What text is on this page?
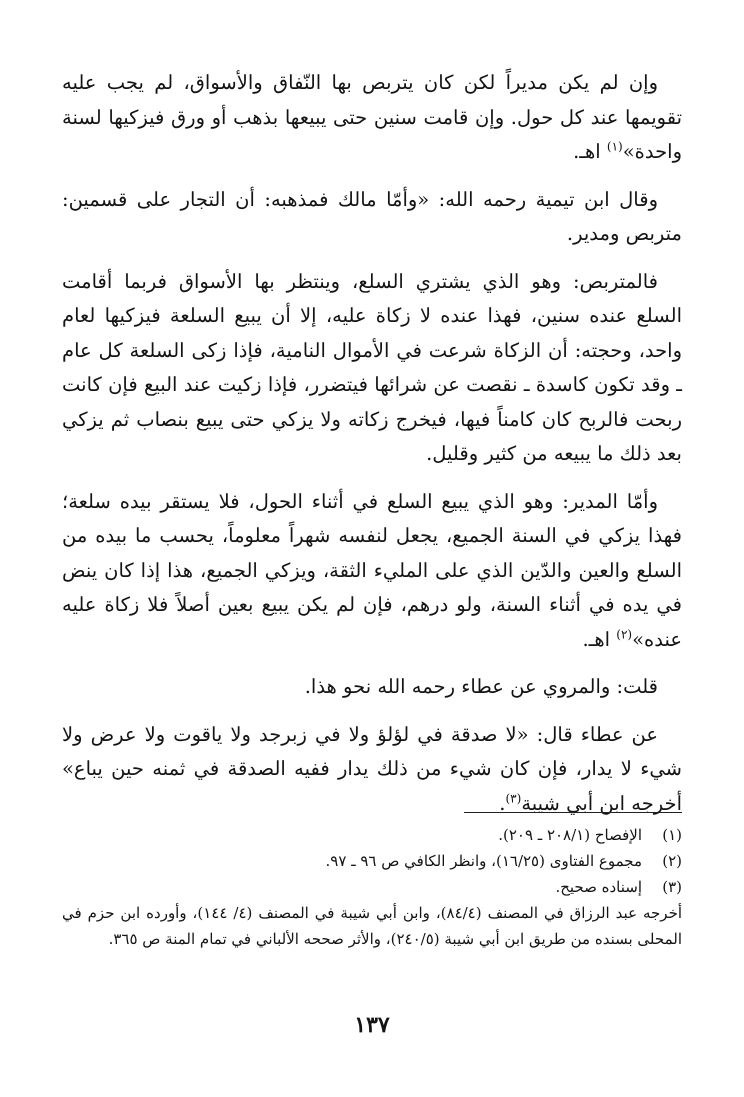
وإن لم يكن مديراً لكن كان يتربص بها النّفاق والأسواق، لم يجب عليه تقويمها عند كل حول. وإن قامت سنين حتى يبيعها بذهب أو ورق فيزكيها لسنة واحدة»$^{(١)}$ اهـ.

وقال ابن تيمية رحمه الله: «وأمّا مالك فمذهبه: أن التجار على قسمين: متربص ومدير.

فالمتربص: وهو الذي يشتري السلع، وينتظر بها الأسواق فربما أقامت السلع عنده سنين، فهذا عنده لا زكاة عليه، إلا أن يبيع السلعة فيزكيها لعام واحد، وحجته: أن الزكاة شرعت في الأموال النامية، فإذا زكى السلعة كل عام ـ وقد تكون كاسدة ـ نقصت عن شرائها فيتضرر، فإذا زكيت عند البيع فإن كانت ربحت فالربح كان كامناً فيها، فيخرج زكاته ولا يزكي حتى يبيع بنصاب ثم يزكي بعد ذلك ما يبيعه من كثير وقليل.

وأمّا المدير: وهو الذي يبيع السلع في أثناء الحول، فلا يستقر بيده سلعة؛ فهذا يزكي في السنة الجميع، يجعل لنفسه شهراً معلوماً، يحسب ما بيده من السلع والعين والدّين الذي على المليء الثقة، ويزكي الجميع، هذا إذا كان ينض في يده في أثناء السنة، ولو درهم، فإن لم يكن يبيع بعين أصلاً فلا زكاة عليه عنده»$^{(٢)}$ اهـ.

قلت: والمروي عن عطاء رحمه الله نحو هذا.

عن عطاء قال: «لا صدقة في لؤلؤ ولا في زبرجد ولا ياقوت ولا عرض ولا شيء لا يدار، فإن كان شيء من ذلك يدار ففيه الصدقة في ثمنه حين يباع» أخرجه ابن أبي شيبة$^{(٣)}$.

(١)
الإفصاح (٢٠٨/١ ـ ٢٠٩).
(٢)
مجموع الفتاوى (١٦/٢٥)، وانظر الكافي ص ٩٦ ـ ٩٧.
(٣)
إسناده صحيح.
أخرجه عبد الرزاق في المصنف (٨٤/٤)، وابن أبي شيبة في المصنف (٤/ ١٤٤)، وأورده ابن حزم في المحلى بسنده من طريق ابن أبي شيبة (٢٤٠/٥)، والأثر صححه الألباني في تمام المنة ص ٣٦٥.
١٣٧
